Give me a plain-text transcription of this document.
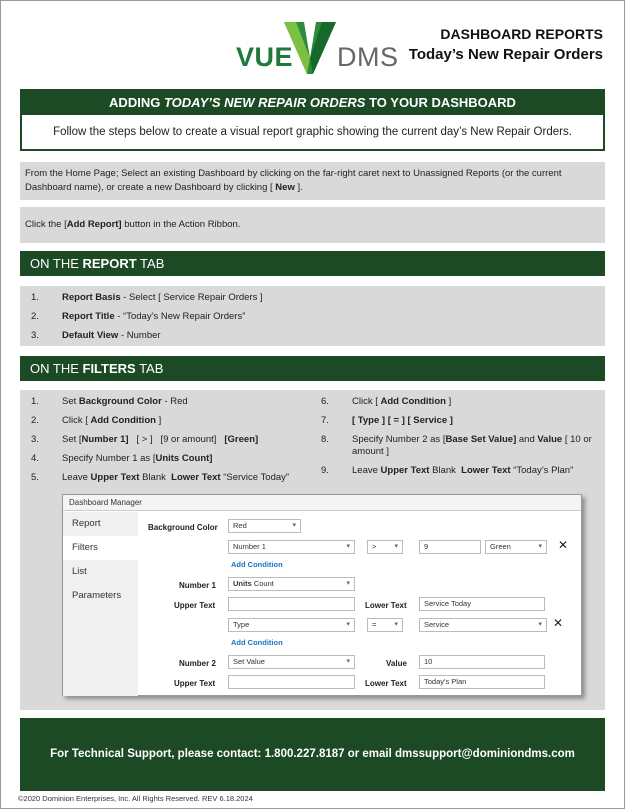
VUE DMS
DASHBOARD REPORTS
Today’s New Repair Orders
ADDING TODAY’S NEW REPAIR ORDERS TO YOUR DASHBOARD
Follow the steps below to create a visual report graphic showing the current day’s New Repair Orders.
From the Home Page; Select an existing Dashboard by clicking on the far-right caret next to Unassigned Reports (or the current Dashboard name), or create a new Dashboard by clicking [ New ].
Click the [Add Report] button in the Action Ribbon.
ON THE REPORT TAB
1.	Report Basis - Select [ Service Repair Orders ]
2.	Report Title - “Today’s New Repair Orders”
3.	Default View - Number
ON THE FILTERS TAB
1.	Set Background Color - Red
2.	Click [ Add Condition ]
3.	Set [Number 1]   [ > ]   [9 or amount]   [Green]
4.	Specify Number 1 as [Units Count]
5.	Leave Upper Text Blank  Lower Text “Service Today”
6.	Click [ Add Condition ]
7.	[ Type ] [ = ] [ Service ]
8.	Specify Number 2 as [Base Set Value] and Value [ 10 or amount ]
9.	Leave Upper Text Blank  Lower Text “Today’s Plan”
Dashboard Manager
Report
Filters
List
Parameters
Background Color	Red	▾
Number 1	▾	>	▾	9	Green	▾ ✕
Add Condition
Number 1	Units Count	▾
Upper Text	Lower Text	Service Today
Type	▾	=	▾	Service	▾ ✕
Add Condition
Number 2	Set Value	▾	Value	10
Upper Text	Lower Text	Today's Plan
For Technical Support, please contact: 1.800.227.8187 or email dmssupport@dominiondms.com
©2020 Dominion Enterprises, Inc. All Rights Reserved. REV 6.18.2024
